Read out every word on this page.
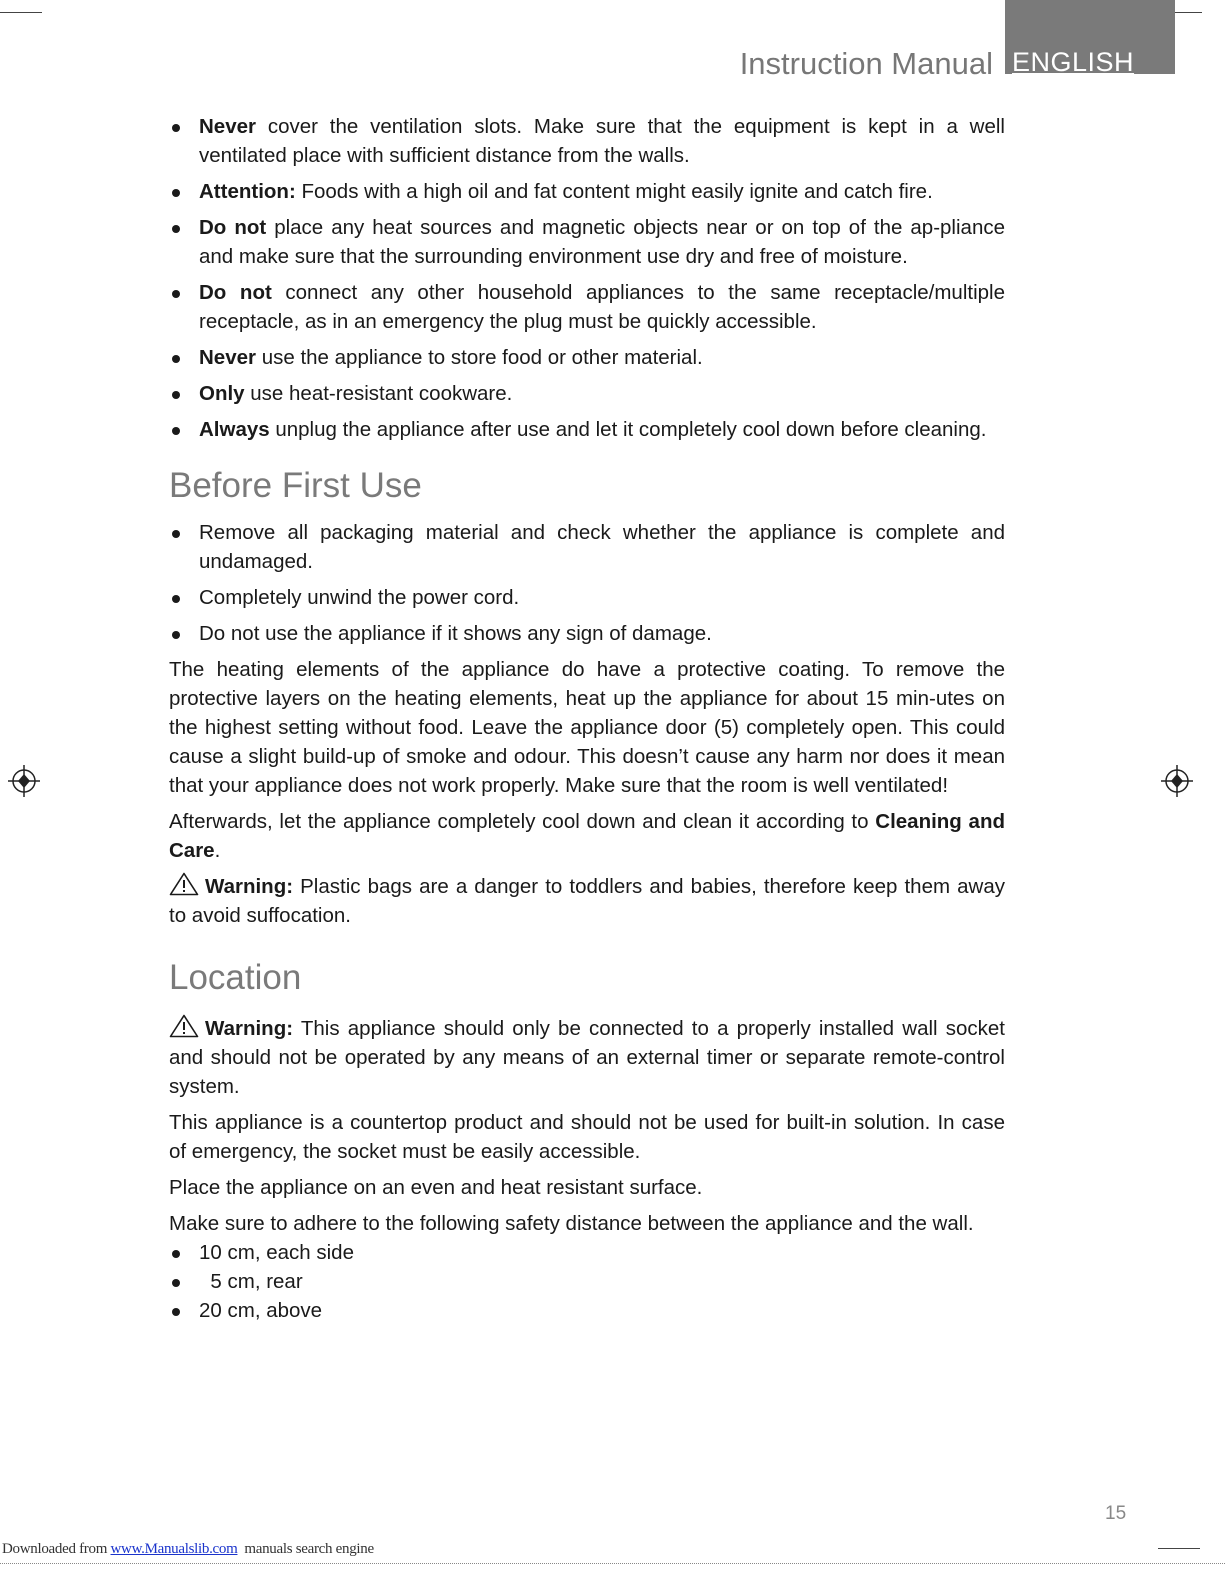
ENGLISH
Instruction Manual
Never cover the ventilation slots. Make sure that the equipment is kept in a well ventilated place with sufficient distance from the walls.
Attention: Foods with a high oil and fat content might easily ignite and catch fire.
Do not place any heat sources and magnetic objects near or on top of the ap-pliance and make sure that the surrounding environment use dry and free of moisture.
Do not connect any other household appliances to the same receptacle/multiple receptacle, as in an emergency the plug must be quickly accessible.
Never use the appliance to store food or other material.
Only use heat-resistant cookware.
Always unplug the appliance after use and let it completely cool down before cleaning.
Before First Use
Remove all packaging material and check whether the appliance is complete and undamaged.
Completely unwind the power cord.
Do not use the appliance if it shows any sign of damage.

The heating elements of the appliance do have a protective coating. To remove the protective layers on the heating elements, heat up the appliance for about 15 min-utes on the highest setting without food. Leave the appliance door (5) completely open. This could cause a slight build-up of smoke and odour. This doesn’t cause any harm nor does it mean that your appliance does not work properly. Make sure that the room is well ventilated!

Afterwards, let the appliance completely cool down and clean it according to Cleaning and Care.

Warning: Plastic bags are a danger to toddlers and babies, therefore keep them away to avoid suffocation.

Location

Warning: This appliance should only be connected to a properly installed wall socket and should not be operated by any means of an external timer or separate remote-control system.

This appliance is a countertop product and should not be used for built-in solution. In case of emergency, the socket must be easily accessible.

Place the appliance on an even and heat resistant surface.

Make sure to adhere to the following safety distance between the appliance and the wall.

10 cm, each side
5 cm, rear
20 cm, above
15
Downloaded from www.Manualslib.com  manuals search engine
